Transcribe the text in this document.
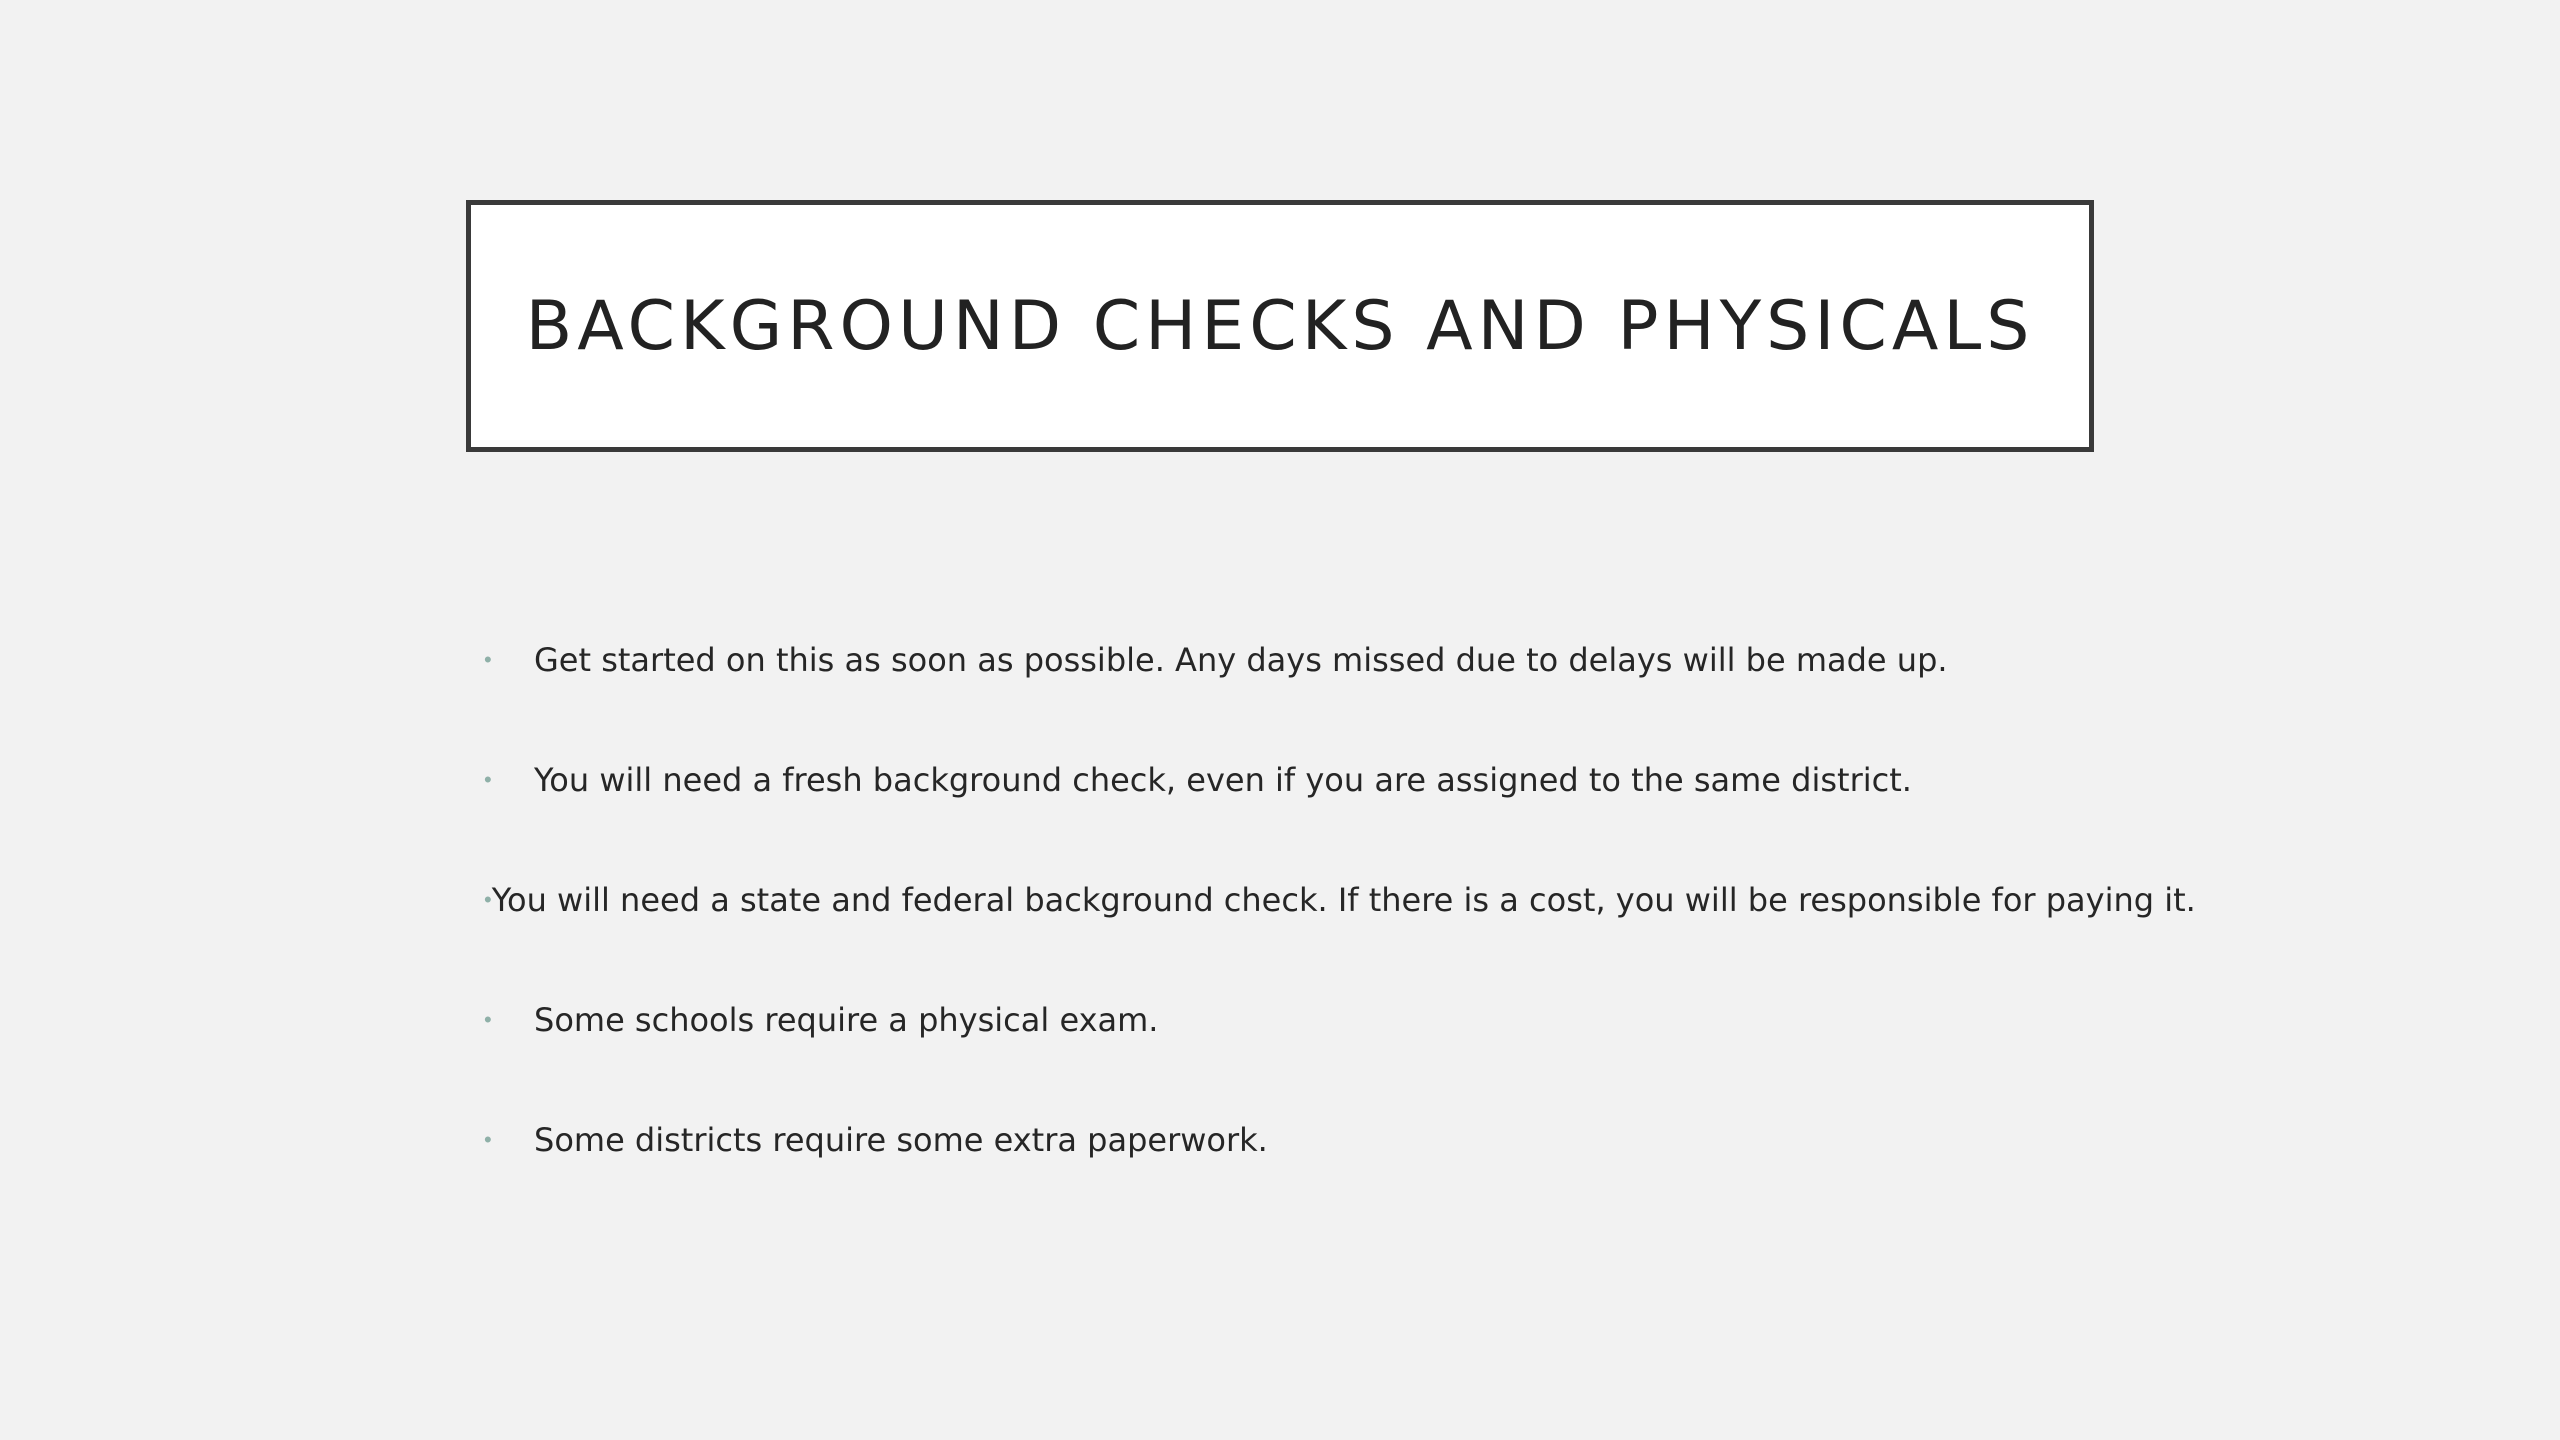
BACKGROUND CHECKS AND PHYSICALS
•	Get started on this as soon as possible. Any days missed due to delays will be made up.
•	You will need a fresh background check, even if you are assigned to the same district.
• You will need a state and federal background check. If there is a cost, you will be responsible for paying it.
•	Some schools require a physical exam.
•	Some districts require some extra paperwork.
